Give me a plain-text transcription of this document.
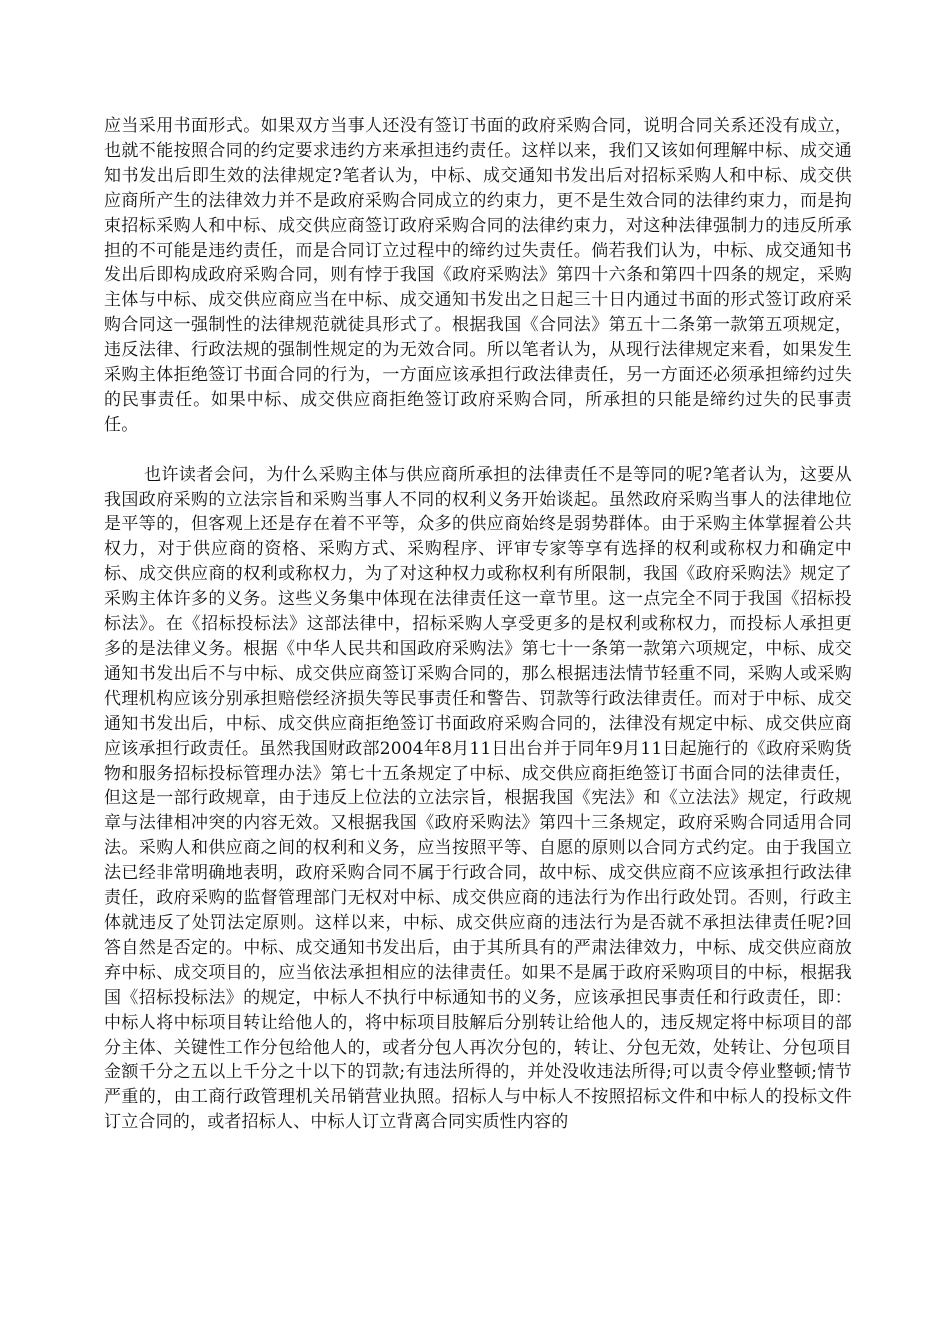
应当采用书面形式。如果双方当事人还没有签订书面的政府采购合同，说明合同关系还没有成立，也就不能按照合同的约定要求违约方来承担违约责任。这样以来，我们又该如何理解中标、成交通知书发出后即生效的法律规定?笔者认为，中标、成交通知书发出后对招标采购人和中标、成交供应商所产生的法律效力并不是政府采购合同成立的约束力，更不是生效合同的法律约束力，而是拘束招标采购人和中标、成交供应商签订政府采购合同的法律约束力，对这种法律强制力的违反所承担的不可能是违约责任，而是合同订立过程中的缔约过失责任。倘若我们认为，中标、成交通知书发出后即构成政府采购合同，则有悖于我国《政府采购法》第四十六条和第四十四条的规定，采购主体与中标、成交供应商应当在中标、成交通知书发出之日起三十日内通过书面的形式签订政府采购合同这一强制性的法律规范就徒具形式了。根据我国《合同法》第五十二条第一款第五项规定，违反法律、行政法规的强制性规定的为无效合同。所以笔者认为，从现行法律规定来看，如果发生采购主体拒绝签订书面合同的行为，一方面应该承担行政法律责任，另一方面还必须承担缔约过失的民事责任。如果中标、成交供应商拒绝签订政府采购合同，所承担的只能是缔约过失的民事责任。

也许读者会问，为什么采购主体与供应商所承担的法律责任不是等同的呢?笔者认为，这要从我国政府采购的立法宗旨和采购当事人不同的权利义务开始谈起。虽然政府采购当事人的法律地位是平等的，但客观上还是存在着不平等，众多的供应商始终是弱势群体。由于采购主体掌握着公共权力，对于供应商的资格、采购方式、采购程序、评审专家等享有选择的权利或称权力和确定中标、成交供应商的权利或称权力，为了对这种权力或称权利有所限制，我国《政府采购法》规定了采购主体许多的义务。这些义务集中体现在法律责任这一章节里。这一点完全不同于我国《招标投标法》。在《招标投标法》这部法律中，招标采购人享受更多的是权利或称权力，而投标人承担更多的是法律义务。根据《中华人民共和国政府采购法》第七十一条第一款第六项规定，中标、成交通知书发出后不与中标、成交供应商签订采购合同的，那么根据违法情节轻重不同，采购人或采购代理机构应该分别承担赔偿经济损失等民事责任和警告、罚款等行政法律责任。而对于中标、成交通知书发出后，中标、成交供应商拒绝签订书面政府采购合同的，法律没有规定中标、成交供应商应该承担行政责任。虽然我国财政部2004年8月11日出台并于同年9月11日起施行的《政府采购货物和服务招标投标管理办法》第七十五条规定了中标、成交供应商拒绝签订书面合同的法律责任，但这是一部行政规章，由于违反上位法的立法宗旨，根据我国《宪法》和《立法法》规定，行政规章与法律相冲突的内容无效。又根据我国《政府采购法》第四十三条规定，政府采购合同适用合同法。采购人和供应商之间的权利和义务，应当按照平等、自愿的原则以合同方式约定。由于我国立法已经非常明确地表明，政府采购合同不属于行政合同，故中标、成交供应商不应该承担行政法律责任，政府采购的监督管理部门无权对中标、成交供应商的违法行为作出行政处罚。否则，行政主体就违反了处罚法定原则。这样以来，中标、成交供应商的违法行为是否就不承担法律责任呢?回答自然是否定的。中标、成交通知书发出后，由于其所具有的严肃法律效力，中标、成交供应商放弃中标、成交项目的，应当依法承担相应的法律责任。如果不是属于政府采购项目的中标，根据我国《招标投标法》的规定，中标人不执行中标通知书的义务，应该承担民事责任和行政责任，即：中标人将中标项目转让给他人的，将中标项目肢解后分别转让给他人的，违反规定将中标项目的部分主体、关键性工作分包给他人的，或者分包人再次分包的，转让、分包无效，处转让、分包项目金额千分之五以上千分之十以下的罚款;有违法所得的，并处没收违法所得;可以责令停业整顿;情节严重的，由工商行政管理机关吊销营业执照。招标人与中标人不按照招标文件和中标人的投标文件订立合同的，或者招标人、中标人订立背离合同实质性内容的
